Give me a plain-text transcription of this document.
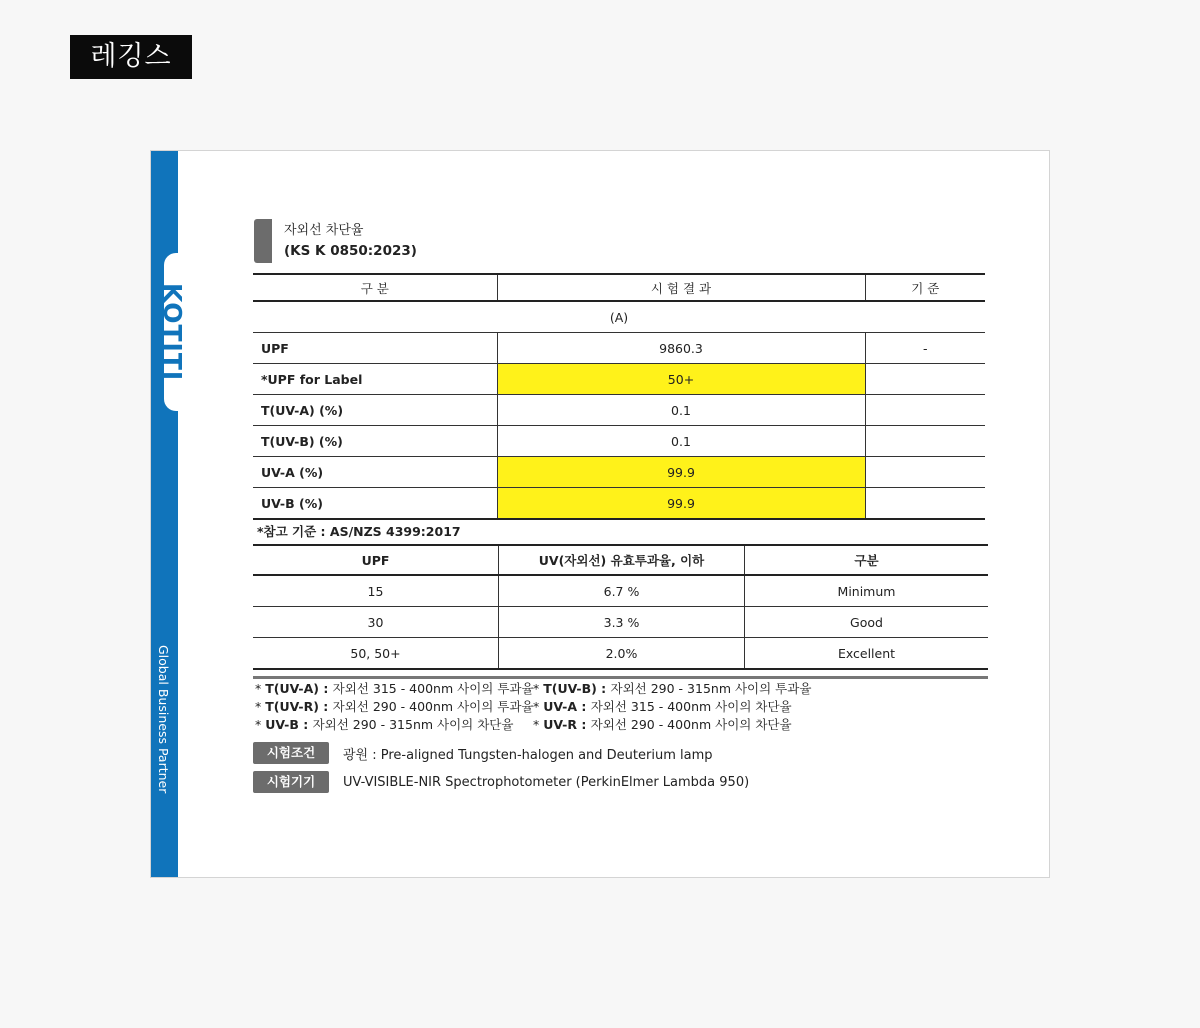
레깅스
Global Business Partner
KOTITI
자외선 차단율
(KS K 0850:2023)
구 분	시 험 결 과	기 준
(A)		
UPF	9860.3	-
*UPF for Label	50+	
T(UV-A) (%)	0.1	
T(UV-B) (%)	0.1	
UV-A (%)	99.9	
UV-B (%)	99.9	
*참고 기준 : AS/NZS 4399:2017
UPF	UV(자외선) 유효투과율, 이하	구분
15	6.7 %	Minimum
30	3.3 %	Good
50, 50+	2.0%	Excellent
* T(UV-A) : 자외선 315 - 400nm 사이의 투과율 * T(UV-B) : 자외선 290 - 315nm 사이의 투과율
* T(UV-R) : 자외선 290 - 400nm 사이의 투과율 * UV-A : 자외선 315 - 400nm 사이의 차단율
* UV-B : 자외선 290 - 315nm 사이의 차단율	* UV-R : 자외선 290 - 400nm 사이의 차단율
시험조건	광원 : Pre-aligned Tungsten-halogen and Deuterium lamp
시험기기	UV-VISIBLE-NIR Spectrophotometer (PerkinElmer Lambda 950)
